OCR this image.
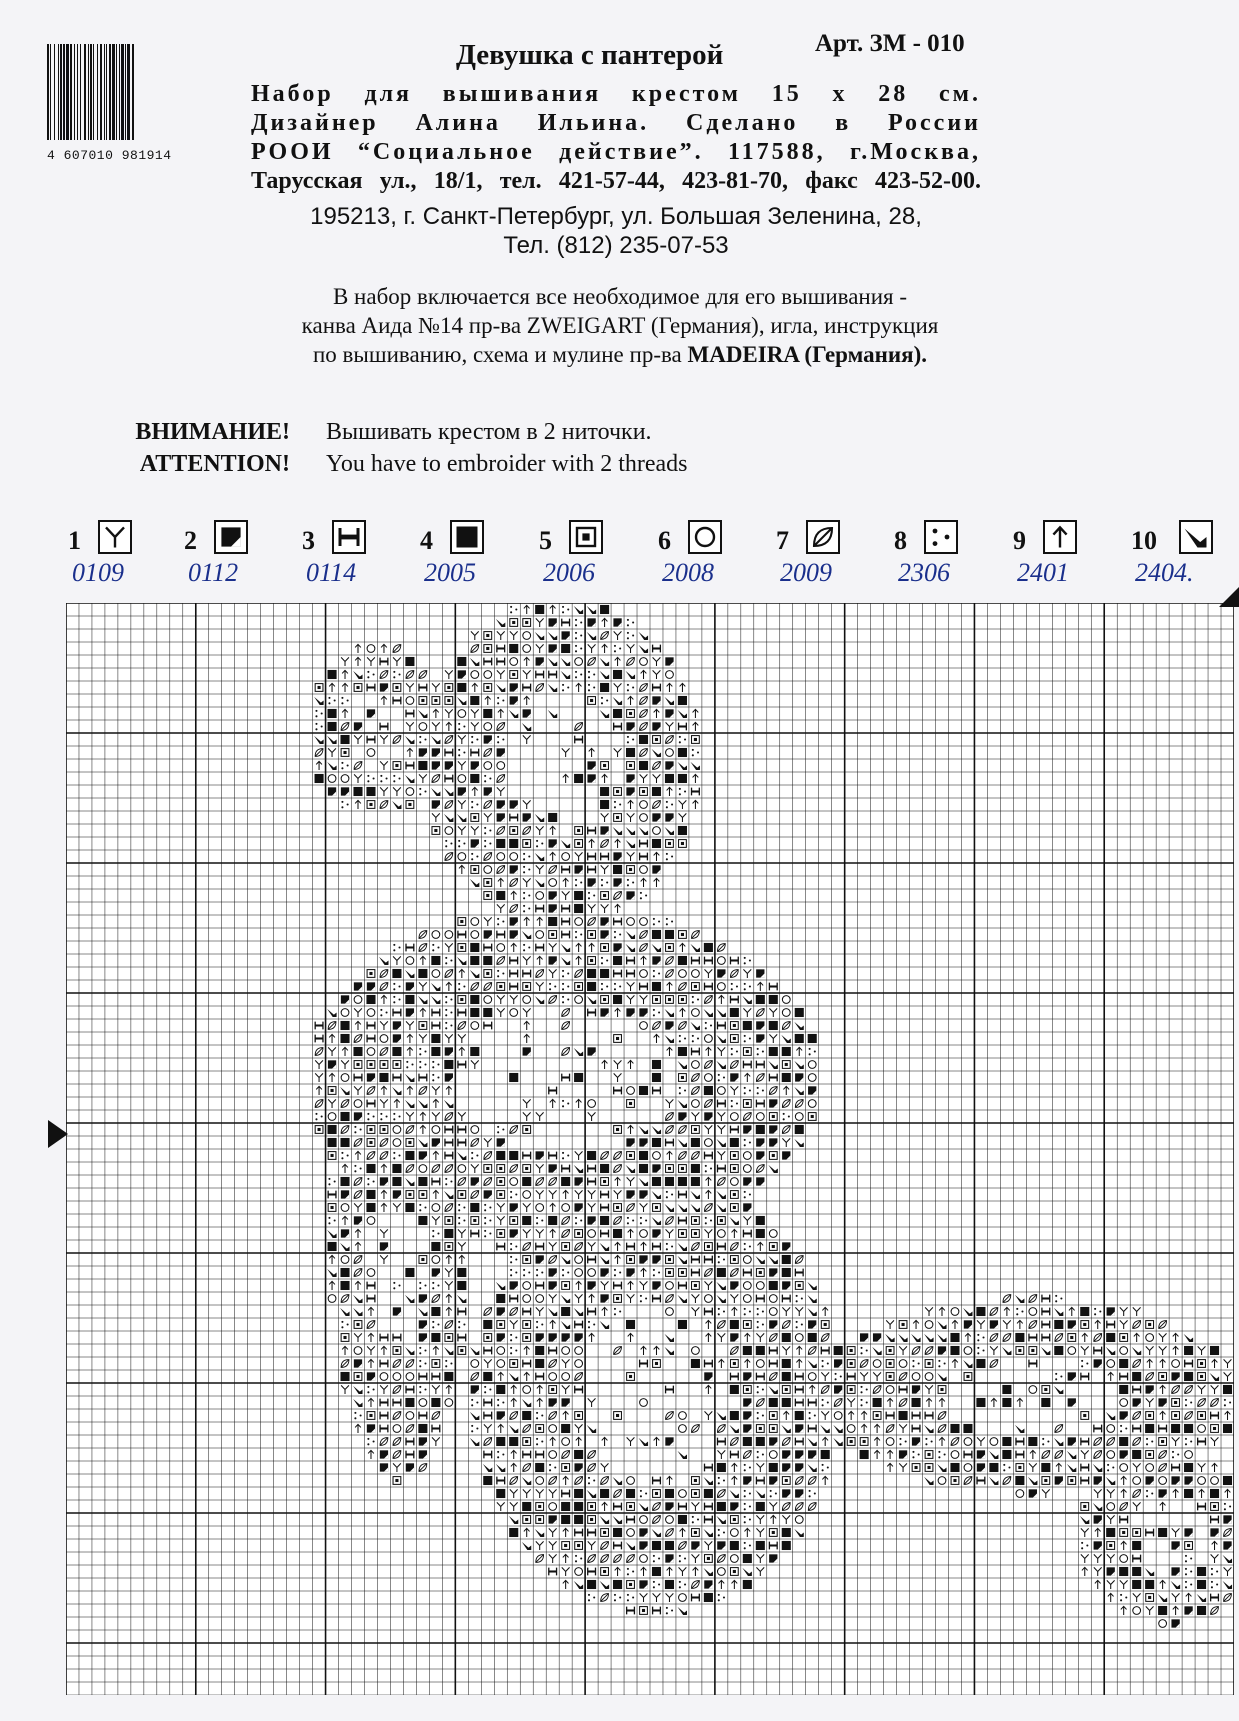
4 607010 981914
Девушка с пантерой	Арт. ЗМ - 010
Набор для вышивания крестом 15 x 28 см.
Дизайнер Алина Ильина. Сделано в России
РООИ “Социальное действие”. 117588, г.Москва,
Тарусская ул., 18/1, тел. 421-57-44, 423-81-70, факс 423-52-00.
195213, г. Санкт-Петербург, ул. Большая Зеленина, 28,
Тел. (812) 235-07-53
В набор включается все необходимое для его вышивания -
канва Аида №14 пр-ва ZWEIGART (Германия), игла, инструкция
по вышиванию, схема и мулине пр-ва MADEIRA (Германия).
ВНИМАНИЕ! Вышивать крестом в 2 ниточки.
ATTENTION! You have to embroider with 2 threads
1
0109
2
0112
3
0114
4
2005
5
2006
6
2008
7
2009
8
2306
9
2401
10
2404.
